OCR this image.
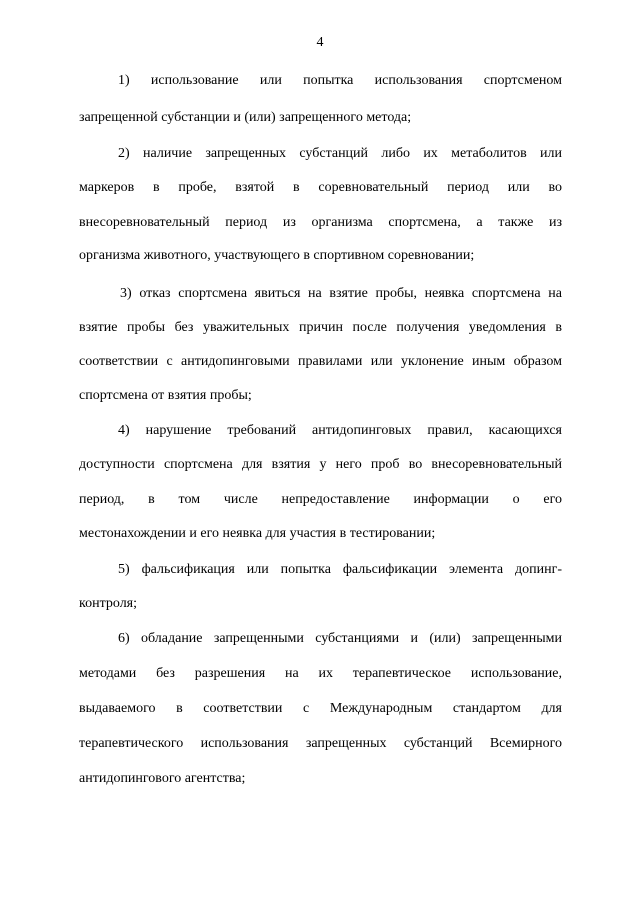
4
1) использование или попытка использования спортсменом
запрещенной субстанции и (или) запрещенного метода;
2) наличие запрещенных субстанций либо их метаболитов или
маркеров в пробе, взятой в соревновательный период или во
внесоревновательный период из организма спортсмена, а также из
организма животного, участвующего в спортивном соревновании;
3) отказ спортсмена явиться на взятие пробы, неявка спортсмена на
взятие пробы без уважительных причин после получения уведомления в
соответствии с антидопинговыми правилами или уклонение иным образом
спортсмена от взятия пробы;
4) нарушение требований антидопинговых правил, касающихся
доступности спортсмена для взятия у него проб во внесоревновательный
период, в том числе непредоставление информации о его
местонахождении и его неявка для участия в тестировании;
5) фальсификация или попытка фальсификации элемента допинг-
контроля;
6) обладание запрещенными субстанциями и (или) запрещенными
методами без разрешения на их терапевтическое использование,
выдаваемого в соответствии с Международным стандартом для
терапевтического использования запрещенных субстанций Всемирного
антидопингового агентства;
